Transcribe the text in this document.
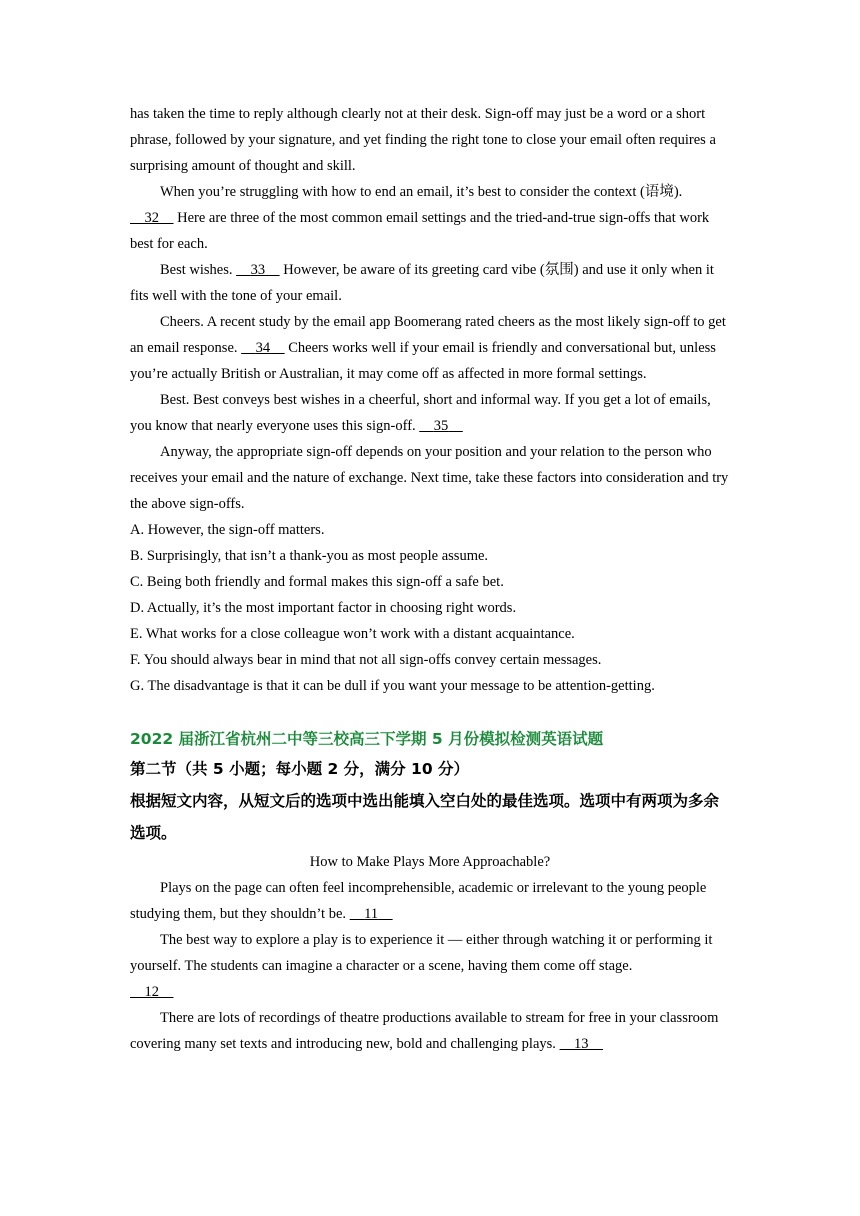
has taken the time to reply although clearly not at their desk. Sign-off may just be a word or a short phrase, followed by your signature, and yet finding the right tone to close your email often requires a surprising amount of thought and skill.

When you’re struggling with how to end an email, it’s best to consider the context (语境).
32     Here are three of the most common email settings and the tried-and-true sign-offs that work best for each.

Best wishes.     33     However, be aware of its greeting card vibe (氛围) and use it only when it fits well with the tone of your email.

Cheers. A recent study by the email app Boomerang rated cheers as the most likely sign-off to get an email response.     34     Cheers works well if your email is friendly and conversational but, unless you’re actually British or Australian, it may come off as affected in more formal settings.

Best. Best conveys best wishes in a cheerful, short and informal way. If you get a lot of emails, you know that nearly everyone uses this sign-off.     35

Anyway, the appropriate sign-off depends on your position and your relation to the person who receives your email and the nature of exchange. Next time, take these factors into consideration and try the above sign-offs.

A. However, the sign-off matters.

B. Surprisingly, that isn’t a thank-you as most people assume.

C. Being both friendly and formal makes this sign-off a safe bet.

D. Actually, it’s the most important factor in choosing right words.

E. What works for a close colleague won’t work with a distant acquaintance.

F. You should always bear in mind that not all sign-offs convey certain messages.

G. The disadvantage is that it can be dull if you want your message to be attention-getting.

2022 届浙江省杭州二中等三校高三下学期 5 月份模拟检测英语试题

第二节（共 5 小题；每小题 2 分，满分 10 分）

根据短文内容，从短文后的选项中选出能填入空白处的最佳选项。选项中有两项为多余选项。

How to Make Plays More Approachable?

Plays on the page can often feel incomprehensible, academic or irrelevant to the young people studying them, but they shouldn’t be.     11

The best way to explore a play is to experience it — either through watching it or performing it yourself. The students can imagine a character or a scene, having them come off stage.
12

There are lots of recordings of theatre productions available to stream for free in your classroom covering many set texts and introducing new, bold and challenging plays.     13
